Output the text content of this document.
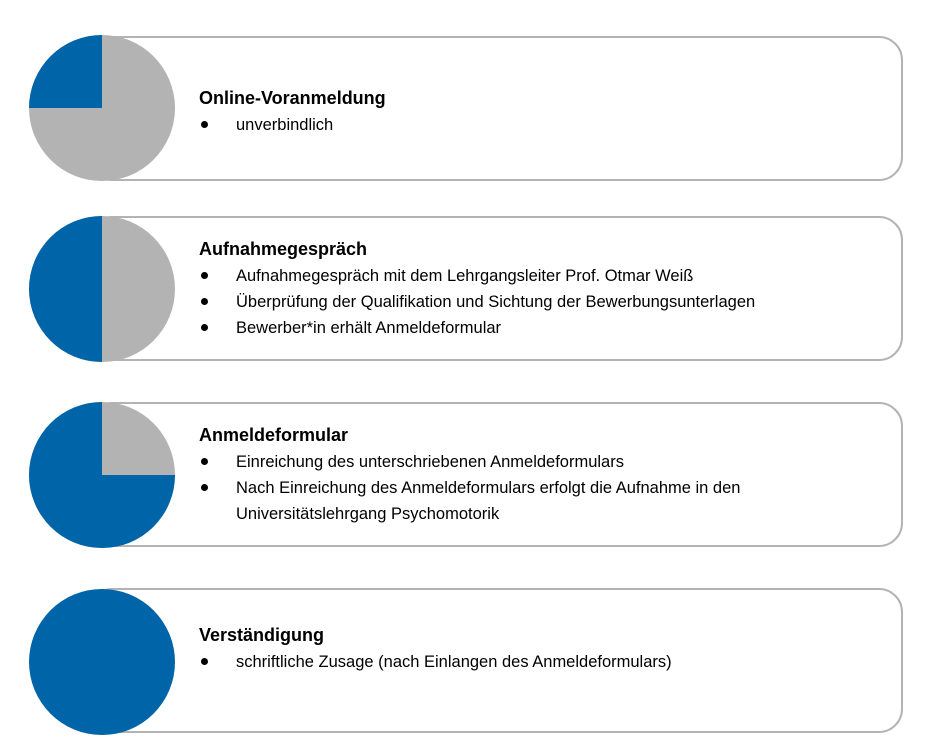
Online-Voranmeldung
unverbindlich
Aufnahmegespräch
Aufnahmegespräch mit dem Lehrgangsleiter Prof. Otmar Weiß
Überprüfung der Qualifikation und Sichtung der Bewerbungsunterlagen
Bewerber*in erhält Anmeldeformular
Anmeldeformular
Einreichung des unterschriebenen Anmeldeformulars
Nach Einreichung des Anmeldeformulars erfolgt die Aufnahme in den Universitätslehrgang Psychomotorik
Verständigung
schriftliche Zusage (nach Einlangen des Anmeldeformulars)
